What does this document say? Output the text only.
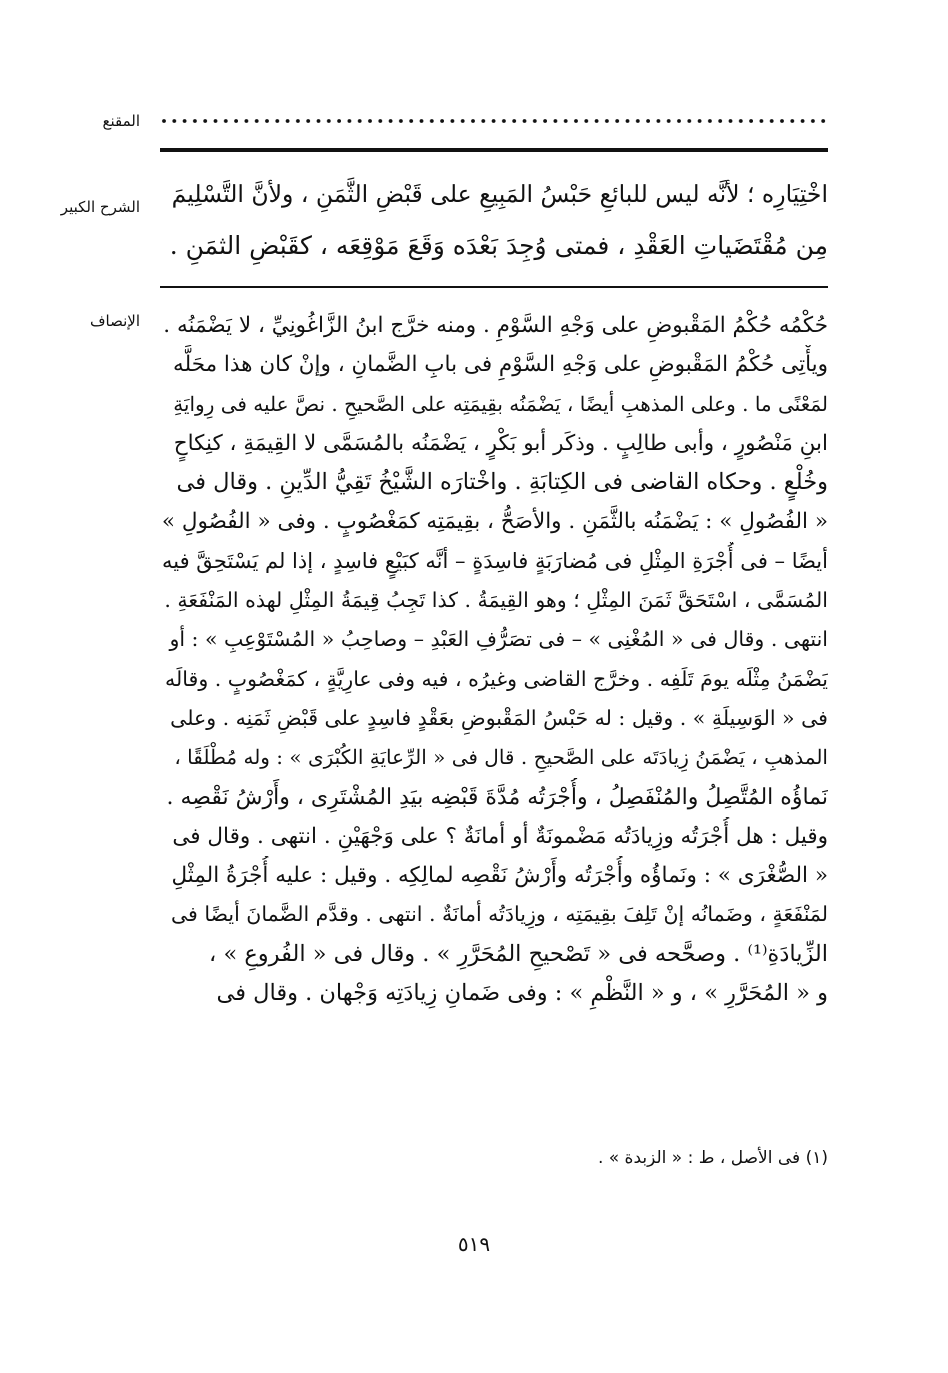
المقنع
الشرح الكبير	اخْتِيَارِه ؛ لأنَّه ليس للبائعِ حَبْسُ المَبِيعِ على قَبْضِ الثَّمَنِ ، ولأنَّ التَّسْلِيمَ
مِن مُقْتَضَياتِ العَقْدِ ، فمتى وُجِدَ بَعْدَه وَقَعَ مَوْقِعَه ، كقَبْضِ الثمَنِ .
الإنصاف حُكْمُه حُكْمُ المَقْبوضِ على وَجْهِ السَّوْمِ . ومنه خرَّج ابنُ الزَّاغُونِيِّ ، لا يَضْمَنُه .
ويأْتِى حُكْمُ المَقْبوضِ على وَجْهِ السَّوْمِ فى بابِ الضَّمانِ ، وإنْ كان هذا محَلَّه
لمَعْنًى ما . وعلى المذهبِ أيضًا ، يَضْمَنُه بقِيمَتِه على الصَّحيحِ . نصَّ عليه فى رِوايَةِ
ابنِ مَنْصُورٍ ، وأبى طالِبٍ . وذكَر أبو بَكْرٍ ، يَضْمَنُه بالمُسَمَّى لا القِيمَةِ ، كنِكاحٍ
وخُلْعٍ . وحكاه القاضى فى الكِتابَةِ . واخْتارَه الشَّيْخُ تَقِيُّ الدِّينِ . وقال فى
« الفُصُولِ » : يَضْمَنُه بالثَّمَنِ . والأصَحُّ ، بقِيمَتِه كمَغْصُوبٍ . وفى « الفُصُولِ »
أيضًا – فى أُجْرَةِ المِثْلِ فى مُضارَبَةٍ فاسِدَةٍ – أنَّه كبَيْعٍ فاسِدٍ ، إذا لم يَسْتَحِقَّ فيه
المُسَمَّى ، اسْتَحَقَّ ثَمَنَ المِثْلِ ؛ وهو القِيمَةُ . كذا تَجِبُ قِيمَةُ المِثْلِ لهذه المَنْفَعَةِ .
انتهى . وقال فى « المُغْنِى » – فى تصَرُّفِ العَبْدِ – وصاحِبُ « المُسْتَوْعِبِ » : أو
يَضْمَنُ مِثْلَه يومَ تَلَفِه . وخرَّج القاضى وغيرُه ، فيه وفى عارِيَّةٍ ، كمَغْصُوبٍ . وقالَه
فى « الوَسِيلَةِ » . وقيل : له حَبْسُ المَقْبوضِ بعَقْدٍ فاسِدٍ على قَبْضِ ثَمَنِه . وعلى
المذهبِ ، يَضْمَنُ زِيادَتَه على الصَّحيحِ . قال فى « الرِّعايَةِ الكُبْرَى » : وله مُطْلَقًا ،
نَماؤُه المُتَّصِلُ والمُنْفَصِلُ ، وأُجْرَتُه مُدَّةَ قَبْضِه بيَدِ المُشْتَرِى ، وأَرْشُ نَقْصِه .
وقيل : هل أُجْرَتُه وزِيادَتُه مَضْمونَةٌ أو أمانَةٌ ؟ على وَجْهَيْنِ . انتهى . وقال فى
« الصُّغْرَى » : ونَماؤُه وأُجْرَتُه وأَرْشُ نَقْصِه لمالِكِه . وقيل : عليه أُجْرَةُ المِثْلِ
لمَنْفَعَةٍ ، وضَمانُه إنْ تَلِفَ بقِيمَتِه ، وزِيادَتُه أمانَةٌ . انتهى . وقدَّم الضَّمانَ أيضًا فى
الزِّيادَةِ⁽¹⁾ . وصحَّحه فى « تَصْحيحِ المُحَرَّرِ » . وقال فى « الفُروعِ » ،
و « المُحَرَّرِ » ، و « النَّظْمِ » : وفى ضَمانِ زِيادَتِه وَجْهان . وقال فى
(١) فى الأصل ، ط : « الزبدة » .
٥١٩
